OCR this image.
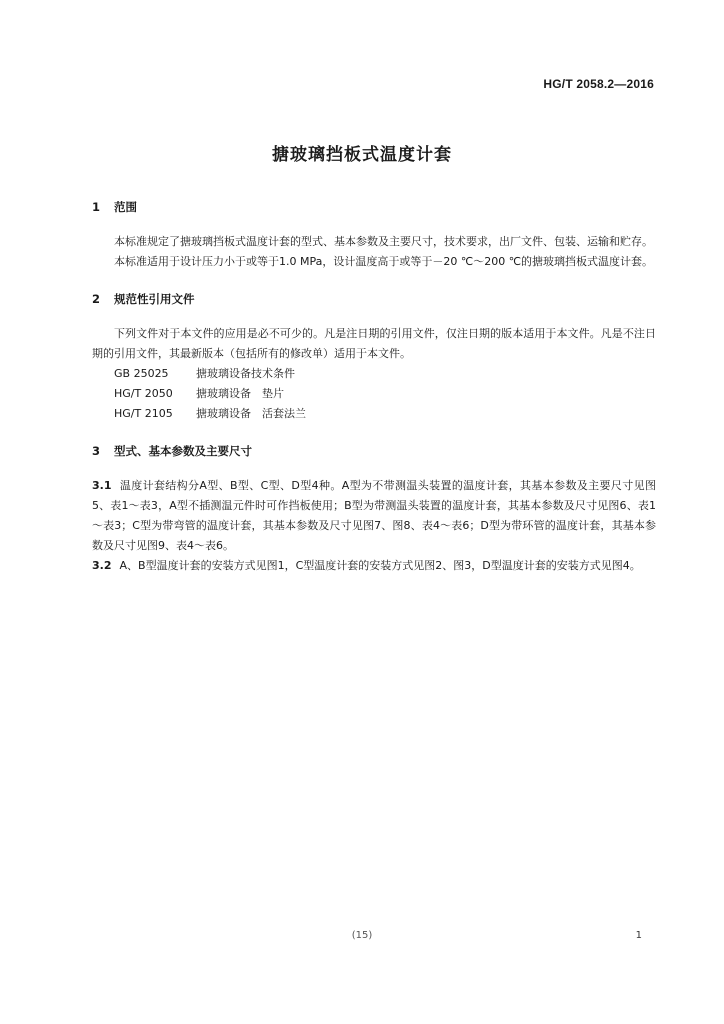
HG/T 2058.2—2016
搪玻璃挡板式温度计套
1 范围

本标准规定了搪玻璃挡板式温度计套的型式、基本参数及主要尺寸，技术要求，出厂文件、包装、运输和贮存。

本标准适用于设计压力小于或等于1.0 MPa，设计温度高于或等于－20 ℃～200 ℃的搪玻璃挡板式温度计套。

2 规范性引用文件

下列文件对于本文件的应用是必不可少的。凡是注日期的引用文件，仅注日期的版本适用于本文件。凡是不注日期的引用文件，其最新版本（包括所有的修改单）适用于本文件。

GB 25025 搪玻璃设备技术条件
HG/T 2050 搪玻璃设备　垫片
HG/T 2105 搪玻璃设备　活套法兰
3 型式、基本参数及主要尺寸

3.1 温度计套结构分A型、B型、C型、D型4种。A型为不带测温头装置的温度计套，其基本参数及主要尺寸见图5、表1～表3，A型不插测温元件时可作挡板使用；B型为带测温头装置的温度计套，其基本参数及尺寸见图6、表1～表3；C型为带弯管的温度计套，其基本参数及尺寸见图7、图8、表4～表6；D型为带环管的温度计套，其基本参数及尺寸见图9、表4～表6。

3.2 A、B型温度计套的安装方式见图1，C型温度计套的安装方式见图2、图3，D型温度计套的安装方式见图4。

(15)	1
